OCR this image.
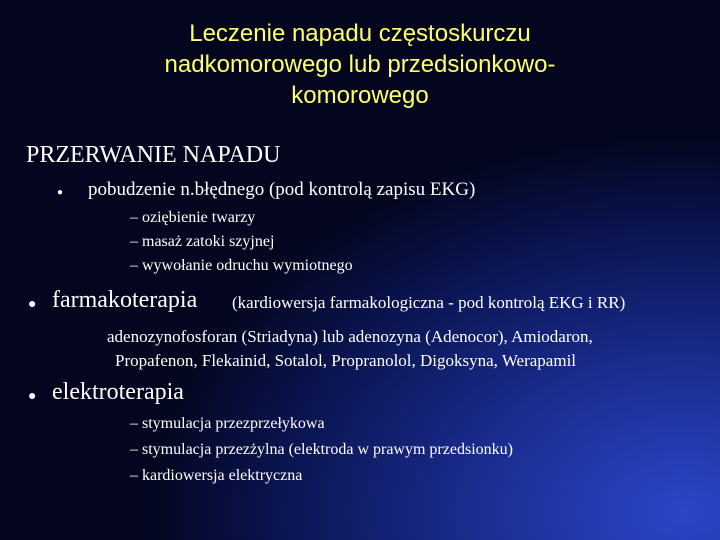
Leczenie napadu częstoskurczu
nadkomorowego lub przedsionkowo-
komorowego
PRZERWANIE NAPADU
● pobudzenie n.błędnego (pod kontrolą zapisu EKG)
– oziębienie twarzy
– masaż zatoki szyjnej
– wywołanie odruchu wymiotnego
● farmakoterapia (kardiowersja farmakologiczna - pod kontrolą EKG i RR)
adenozynofosforan (Striadyna) lub adenozyna (Adenocor), Amiodaron,
Propafenon, Flekainid, Sotalol, Propranolol, Digoksyna, Werapamil
● elektroterapia
– stymulacja przezprzełykowa
– stymulacja przezżylna (elektroda w prawym przedsionku)
– kardiowersja elektryczna
